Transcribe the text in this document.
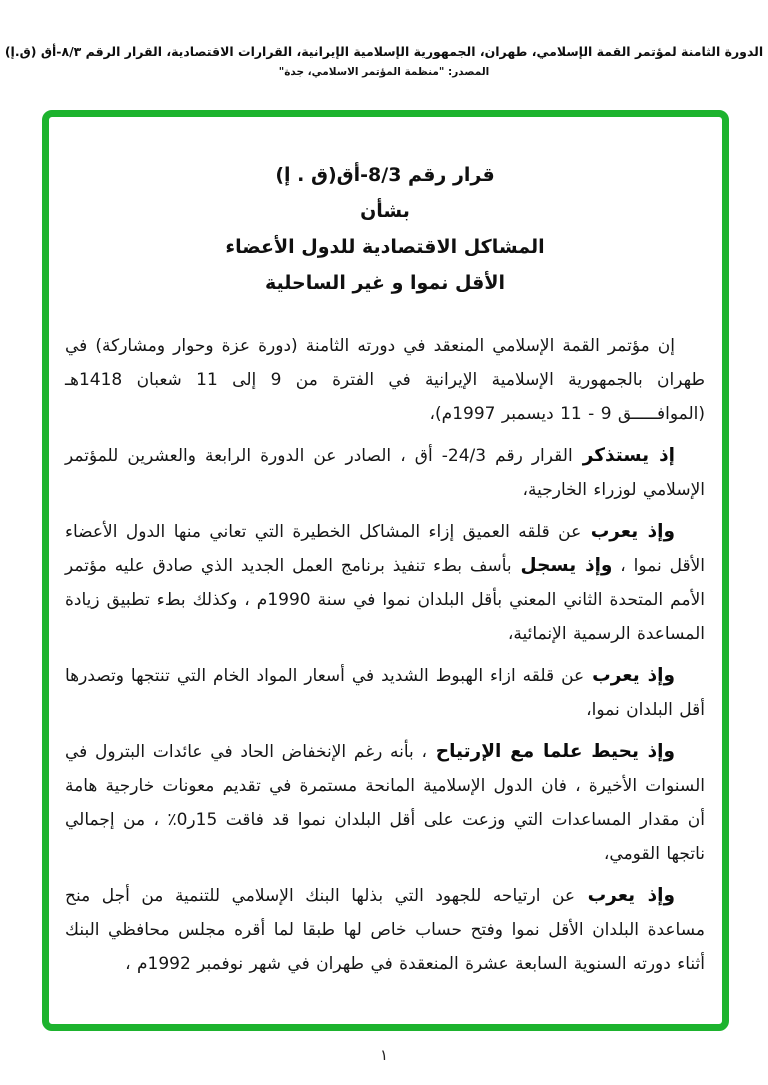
الدورة الثامنة لمؤتمر القمة الإسلامي، طهران، الجمهورية الإسلامية الإيرانية، القرارات الاقتصادية، القرار الرقم ٨/٣-أق (ق.إ)
المصدر: "منظمة المؤتمر الاسلامي، جدة"
قرار رقم 8/3-أق(ق . إ)
بشأن
المشاكل الاقتصادية للدول الأعضاء
الأقل نموا و غير الساحلية

إن مؤتمر القمة الإسلامي المنعقد في دورته الثامنة (دورة عزة وحوار ومشاركة) في طهران بالجمهورية الإسلامية الإيرانية في الفترة من 9 إلى 11 شعبان 1418هـ (الموافـــــق 9 - 11 ديسمبر 1997م)،

إذ يستذكر القرار رقم 24/3- أق ، الصادر عن الدورة الرابعة والعشرين للمؤتمر الإسلامي لوزراء الخارجية،

وإذ يعرب عن قلقه العميق إزاء المشاكل الخطيرة التي تعاني منها الدول الأعضاء الأقل نموا ، وإذ يسجل بأسف بطء تنفيذ برنامج العمل الجديد الذي صادق عليه مؤتمر الأمم المتحدة الثاني المعني بأقل البلدان نموا في سنة 1990م ، وكذلك بطء تطبيق زيادة المساعدة الرسمية الإنمائية،

وإذ يعرب عن قلقه ازاء الهبوط الشديد في أسعار المواد الخام التي تنتجها وتصدرها أقل البلدان نموا،

وإذ يحيط علما مع الإرتياح ، بأنه رغم الإنخفاض الحاد في عائدات البترول في السنوات الأخيرة ، فان الدول الإسلامية المانحة مستمرة في تقديم معونات خارجية هامة أن مقدار المساعدات التي وزعت على أقل البلدان نموا قد فاقت 15ر0٪ ، من إجمالي ناتجها القومي،

وإذ يعرب عن ارتياحه للجهود التي بذلها البنك الإسلامي للتنمية من أجل منح مساعدة البلدان الأقل نموا وفتح حساب خاص لها طبقا لما أقره مجلس محافظي البنك أثناء دورته السنوية السابعة عشرة المنعقدة في طهران في شهر نوفمبر 1992م ،

١
